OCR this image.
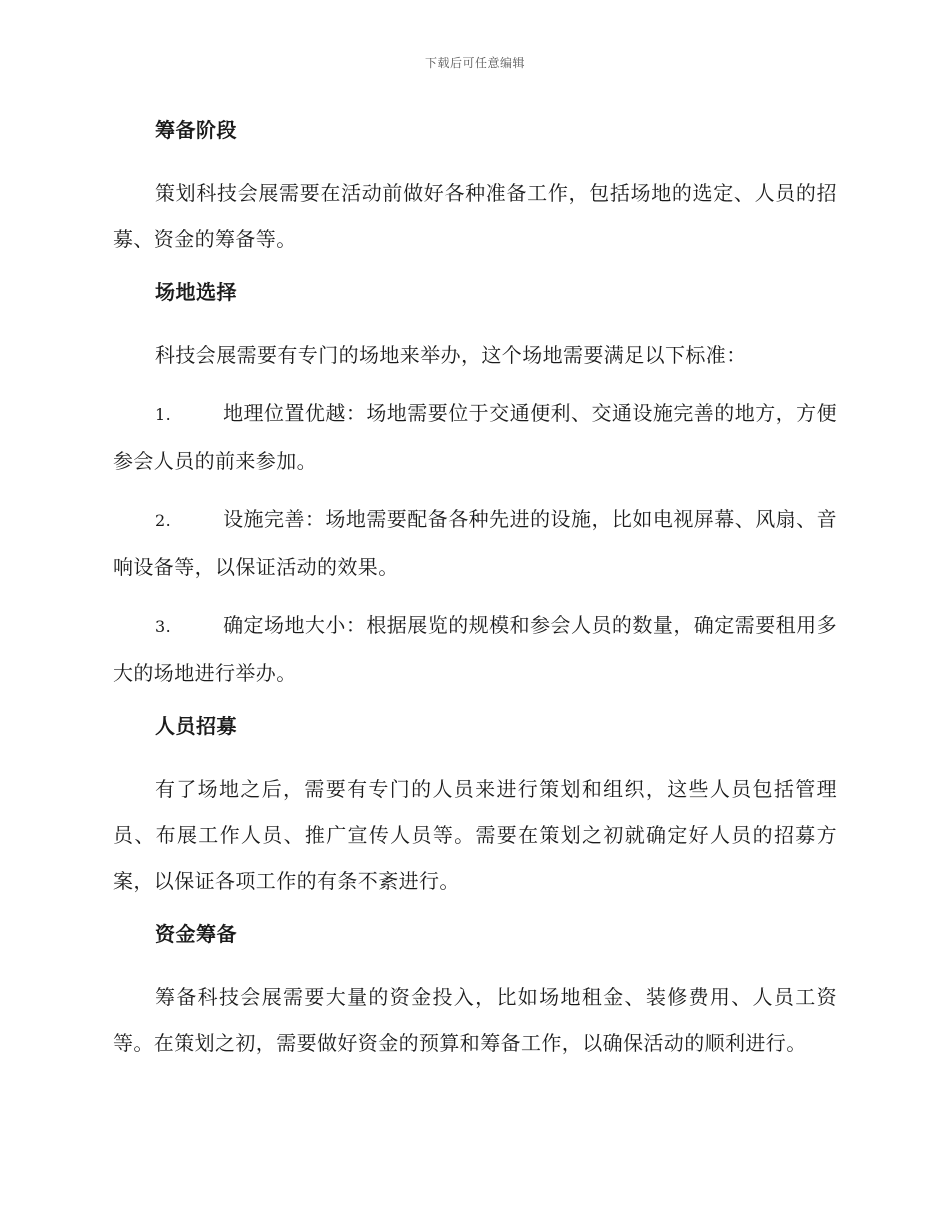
下载后可任意编辑
筹备阶段

策划科技会展需要在活动前做好各种准备工作，包括场地的选定、人员的招募、资金的筹备等。

场地选择

科技会展需要有专门的场地来举办，这个场地需要满足以下标准：

1.	地理位置优越：场地需要位于交通便利、交通设施完善的地方，方便参会人员的前来参加。

2.	设施完善：场地需要配备各种先进的设施，比如电视屏幕、风扇、音响设备等，以保证活动的效果。

3.	确定场地大小：根据展览的规模和参会人员的数量，确定需要租用多大的场地进行举办。

人员招募

有了场地之后，需要有专门的人员来进行策划和组织，这些人员包括管理员、布展工作人员、推广宣传人员等。需要在策划之初就确定好人员的招募方案，以保证各项工作的有条不紊进行。

资金筹备

筹备科技会展需要大量的资金投入，比如场地租金、装修费用、人员工资等。在策划之初，需要做好资金的预算和筹备工作，以确保活动的顺利进行。
